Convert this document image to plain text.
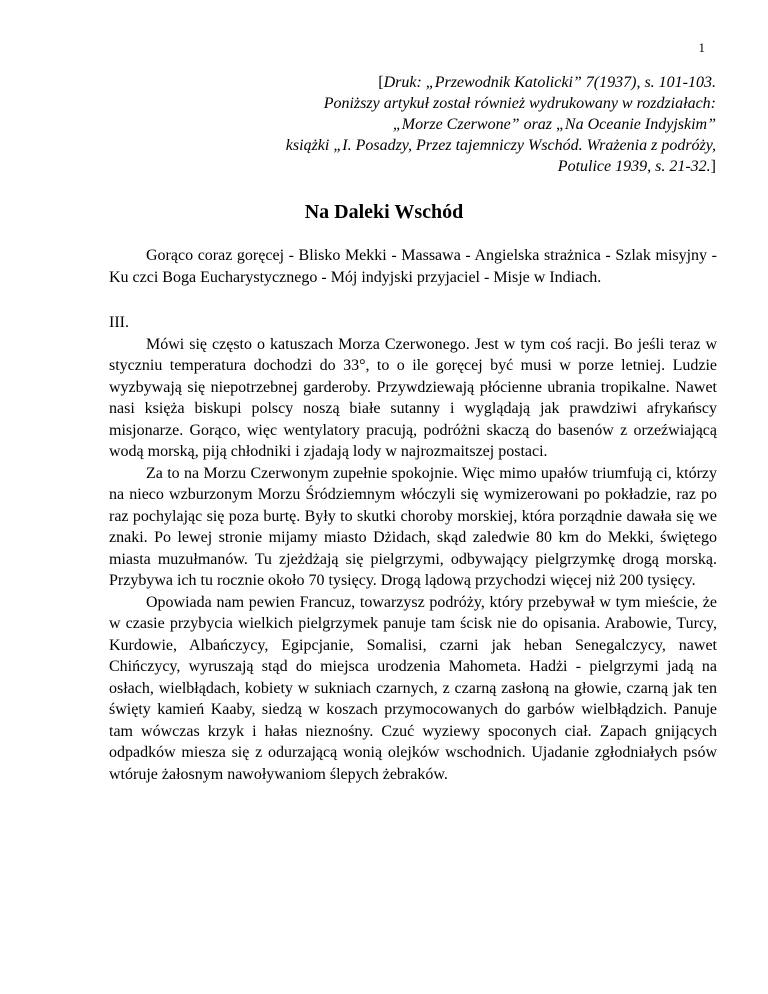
1
[Druk: „Przewodnik Katolicki” 7(1937), s. 101-103.
Poniższy artykuł został również wydrukowany w rozdziałach:
„Morze Czerwone” oraz „Na Oceanie Indyjskim”
książki „I. Posadzy, Przez tajemniczy Wschód. Wrażenia z podróży,
Potulice 1939, s. 21-32.]
Na Daleki Wschód

Gorąco coraz goręcej - Blisko Mekki - Massawa - Angielska strażnica - Szlak misyjny - Ku czci Boga Eucharystycznego - Mój indyjski przyjaciel - Misje w Indiach.

III.

Mówi się często o katuszach Morza Czerwonego. Jest w tym coś racji. Bo jeśli teraz w styczniu temperatura dochodzi do 33°, to o ile goręcej być musi w porze letniej. Ludzie wyzbywają się niepotrzebnej garderoby. Przywdziewają płócienne ubrania tropikalne. Nawet nasi księża biskupi polscy noszą białe sutanny i wyglądają jak prawdziwi afrykańscy misjonarze. Gorąco, więc wentylatory pracują, podróżni skaczą do basenów z orzeźwiającą wodą morską, piją chłodniki i zjadają lody w najrozmaitszej postaci.

Za to na Morzu Czerwonym zupełnie spokojnie. Więc mimo upałów triumfują ci, którzy na nieco wzburzonym Morzu Śródziemnym włóczyli się wymizerowani po pokładzie, raz po raz pochylając się poza burtę. Były to skutki choroby morskiej, która porządnie dawała się we znaki. Po lewej stronie mijamy miasto Dżidach, skąd zaledwie 80 km do Mekki, świętego miasta muzułmanów. Tu zjeżdżają się pielgrzymi, odbywający pielgrzymkę drogą morską. Przybywa ich tu rocznie około 70 tysięcy. Drogą lądową przychodzi więcej niż 200 tysięcy.

Opowiada nam pewien Francuz, towarzysz podróży, który przebywał w tym mieście, że w czasie przybycia wielkich pielgrzymek panuje tam ścisk nie do opisania. Arabowie, Turcy, Kurdowie, Albańczycy, Egipcjanie, Somalisi, czarni jak heban Senegalczycy, nawet Chińczycy, wyruszają stąd do miejsca urodzenia Mahometa. Hadżi - pielgrzymi jadą na osłach, wielbłądach, kobiety w sukniach czarnych, z czarną zasłoną na głowie, czarną jak ten święty kamień Kaaby, siedzą w koszach przymocowanych do garbów wielbłądzich. Panuje tam wówczas krzyk i hałas nieznośny. Czuć wyziewy spoconych ciał. Zapach gnijących odpadków miesza się z odurzającą wonią olejków wschodnich. Ujadanie zgłodniałych psów wtóruje żałosnym nawoływaniom ślepych żebraków.
